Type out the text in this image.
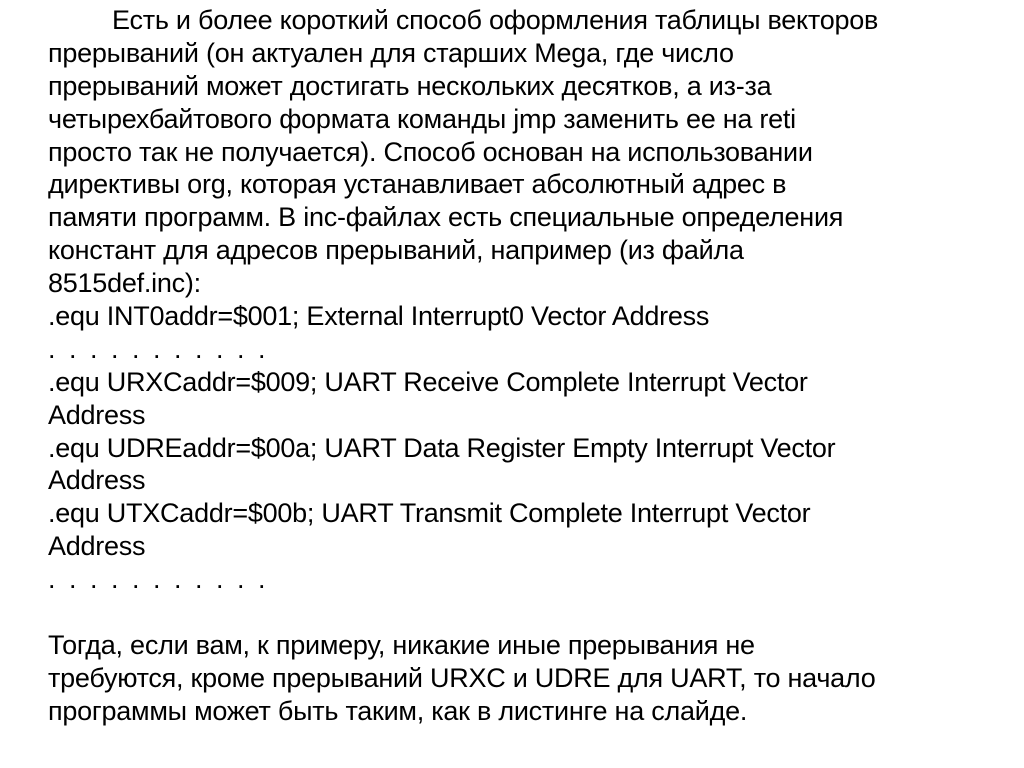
Есть и более короткий способ оформления таблицы векторов
прерываний (он актуален для старших Mega, где число
прерываний может достигать нескольких десятков, а из-за
четырехбайтового формата команды jmp заменить ее на reti
просто так не получается). Способ основан на использовании
директивы org, которая устанавливает абсолютный адрес в
памяти программ. В inc-файлах есть специальные определения
констант для адресов прерываний, например (из файла
8515def.inc):
.equ INT0addr=$001; External Interrupt0 Vector Address
. . . . . . . . . . .
.equ URXCaddr=$009; UART Receive Complete Interrupt Vector
Address
.equ UDREaddr=$00a; UART Data Register Empty Interrupt Vector
Address
.equ UTXCaddr=$00b; UART Transmit Complete Interrupt Vector
Address
. . . . . . . . . . .
Тогда, если вам, к примеру, никакие иные прерывания не
требуются, кроме прерываний URXC и UDRE для UART, то начало
программы может быть таким, как в листинге на слайде.
